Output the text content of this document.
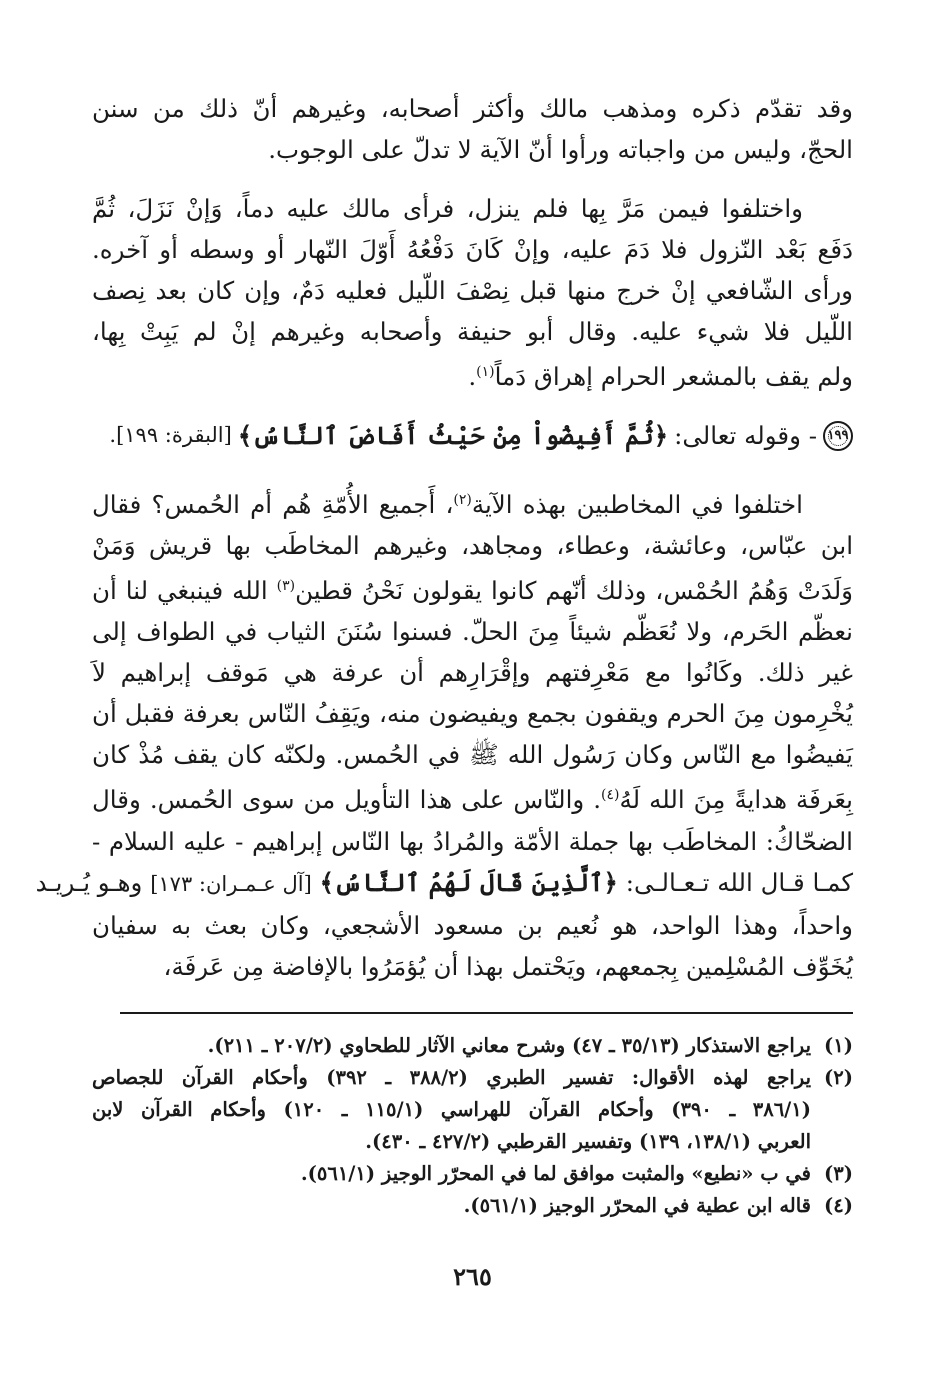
وقد تقدّم ذكره ومذهب مالك وأكثر أصحابه، وغيرهم أنّ ذلك من سنن
الحجّ، وليس من واجباته ورأوا أنّ الآية لا تدلّ على الوجوب.

واختلفوا فيمن مَرَّ بِها فلم ينزل، فرأى مالك عليه دماً، وَإنْ نَزَلَ، ثُمَّ
دَفَع بَعْد النّزول فلا دَمَ عليه، وإنْ كَانَ دَفْعُهُ أَوّلَ النّهار أو وسطه أو آخره.
ورأى الشّافعي إنْ خرج منها قبل نِصْفَ اللّيل فعليه دَمٌ، وإن كان بعد نِصف
اللّيل فلا شيء عليه. وقال أبو حنيفة وأصحابه وغيرهم إنْ لم يَبِتْ بِها،
ولم يقف بالمشعر الحرام إهراق دَماً$^{(١)}$.

١٩٩
- وقوله تعالى:
﴿ثُمَّ أَفِيضُواْ مِنْ حَيْثُ أَفَاضَ ٱلنَّاسُ﴾
[البقرة: ١٩٩].

اختلفوا في المخاطبين بهذه الآية$^{(٢)}$، أَجميع الأُمّةِ هُم أم الحُمس؟ فقال
ابن عبّاس، وعائشة، وعطاء، ومجاهد، وغيرهم المخاطَب بها قريش وَمَنْ
وَلَدَتْ وَهُمُ الحُمْس، وذلك أنّهم كانوا يقولون نَحْنُ قطين$^{(٣)}$ الله فينبغي لنا أن
نعظّم الحَرم، ولا نُعَظّم شيئاً مِنَ الحلّ. فسنوا سُنَنَ الثياب في الطواف إلى
غير ذلك. وكَانُوا مع مَعْرِفتهم وإقْرَارِهم أن عرفة هي مَوقف إبراهيم لاَ
يُخْرِمون مِنَ الحرم ويقفون بجمع ويفيضون منه، ويَقِفُ النّاس بعرفة فقبل أن
يَفيضُوا مع النّاس وكان رَسُول الله ﷺ في الحُمس. ولكنّه كان يقف مُذْ كان
بِعَرفَة هدايةً مِنَ الله لَهُ$^{(٤)}$. والنّاس على هذا التأويل من سوى الحُمس. وقال
الضحّاكُ: المخاطَب بها جملة الأمّة والمُرادُ بها النّاس إبراهيم - عليه السلام -
كمـا قـال الله تـعـالـى: ﴿ٱلَّذِينَ قَالَ لَهُمُ ٱلنَّاسُ﴾ [آل عـمـران: ١٧٣] وهـو يُـريـد
واحداً، وهذا الواحد، هو نُعيم بن مسعود الأشجعي، وكان بعث به سفيان
يُخَوِّف المُسْلِمين بِجمعهم، ويَحْتمل بهذا أن يُؤمَرُوا بالإفاضة مِن عَرفَة،

(١)
يراجع الاستذكار (٣٥/١٣ ـ ٤٧) وشرح معاني الآثار للطحاوي (٢٠٧/٢ ـ ٢١١).
(٢)
يراجع لهذه الأقوال: تفسير الطبري (٣٨٨/٢ ـ ٣٩٢) وأحكام القرآن للجصاص
(٣٨٦/١ ـ ٣٩٠) وأحكام القرآن للهراسي (١١٥/١ ـ ١٢٠) وأحكام القرآن لابن
العربي (١٣٨/١، ١٣٩) وتفسير القرطبي (٤٢٧/٢ ـ ٤٣٠).
(٣)
في ب «نطيع» والمثبت موافق لما في المحرّر الوجيز (٥٦١/١).
(٤)
قاله ابن عطية في المحرّر الوجيز (٥٦١/١).
٢٦٥
